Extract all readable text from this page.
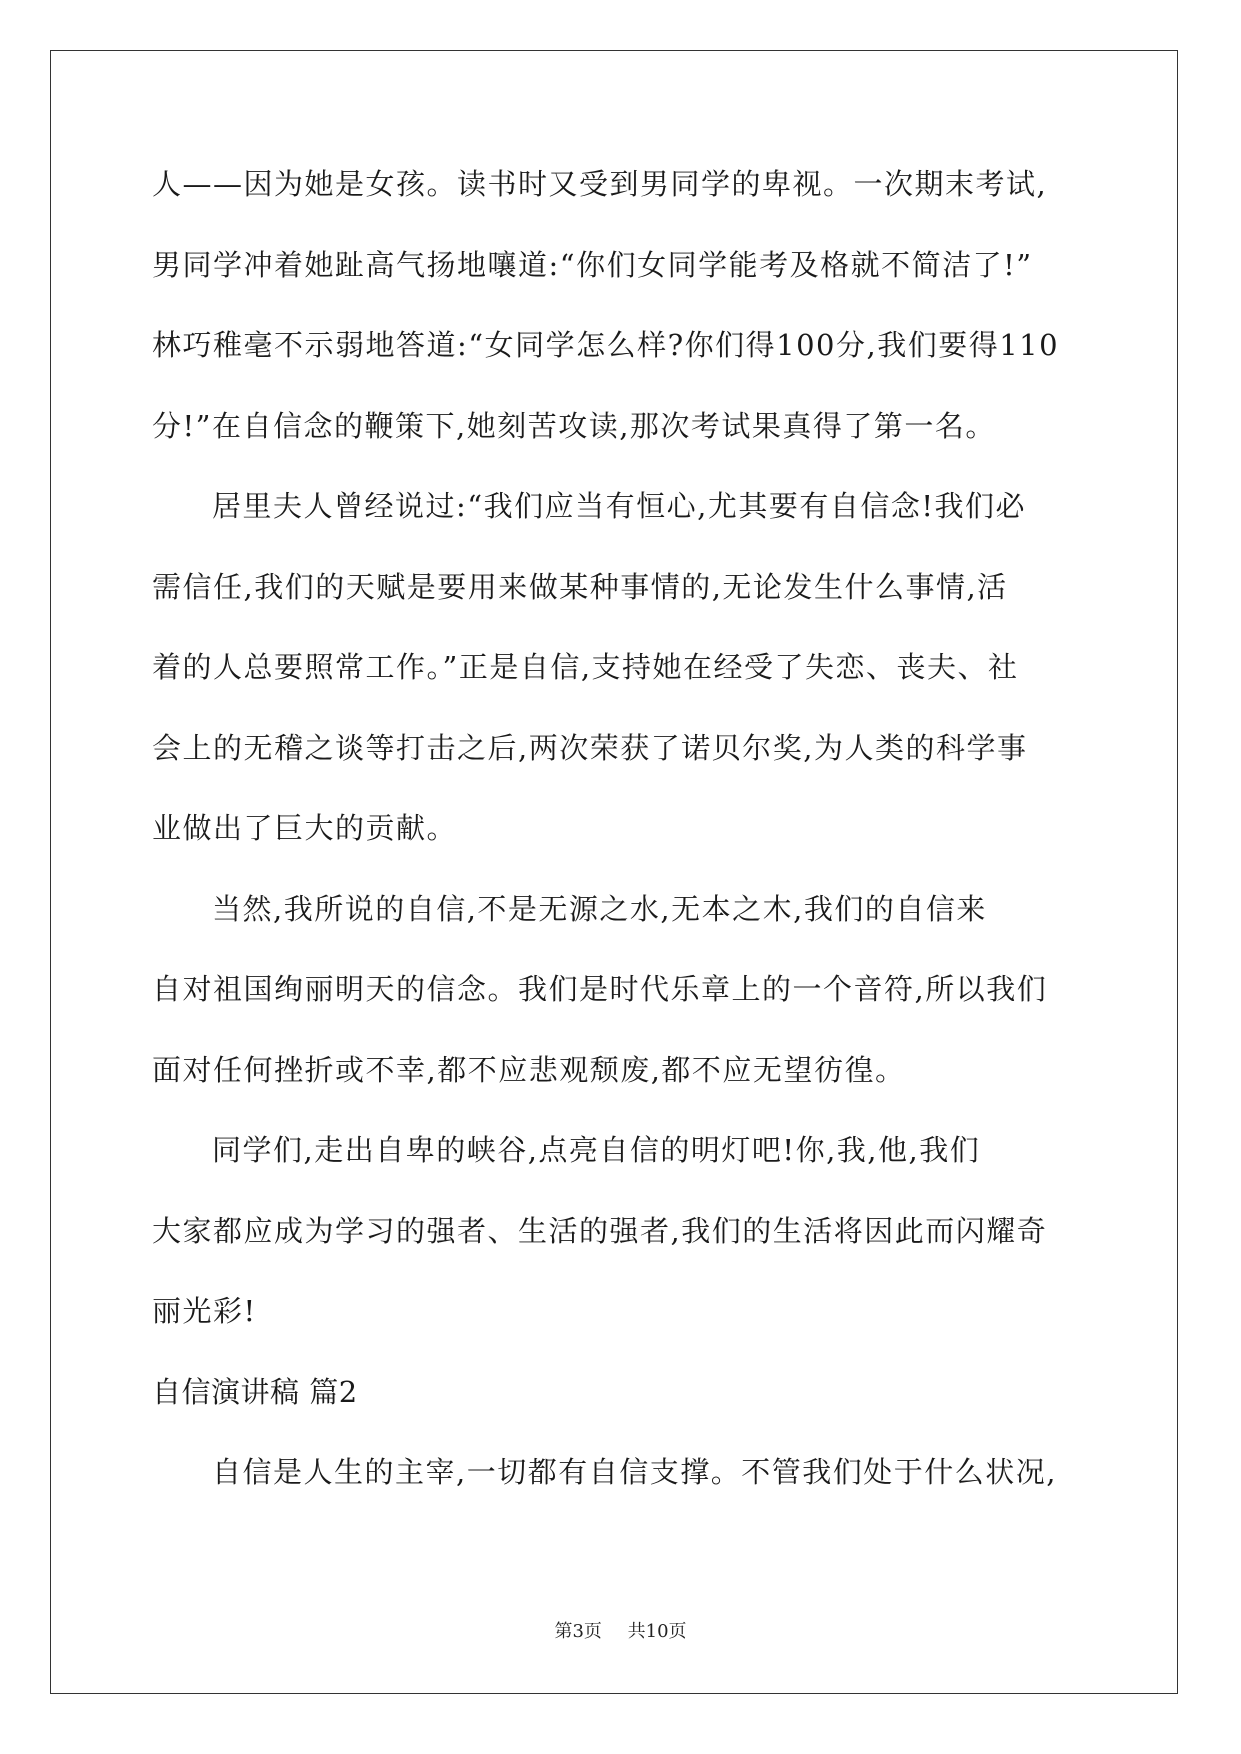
人——因为她是女孩。读书时又受到男同学的卑视。一次期末考试,
男同学冲着她趾高气扬地嚷道:“你们女同学能考及格就不简洁了!”
林巧稚毫不示弱地答道:“女同学怎么样?你们得100分,我们要得110
分!”在自信念的鞭策下,她刻苦攻读,那次考试果真得了第一名。
居里夫人曾经说过:“我们应当有恒心,尤其要有自信念!我们必
需信任,我们的天赋是要用来做某种事情的,无论发生什么事情,活
着的人总要照常工作。”正是自信,支持她在经受了失恋、丧夫、社
会上的无稽之谈等打击之后,两次荣获了诺贝尔奖,为人类的科学事
业做出了巨大的贡献。
当然,我所说的自信,不是无源之水,无本之木,我们的自信来
自对祖国绚丽明天的信念。我们是时代乐章上的一个音符,所以我们
面对任何挫折或不幸,都不应悲观颓废,都不应无望彷徨。
同学们,走出自卑的峡谷,点亮自信的明灯吧!你,我,他,我们
大家都应成为学习的强者、生活的强者,我们的生活将因此而闪耀奇
丽光彩!
自信演讲稿 篇2
自信是人生的主宰,一切都有自信支撑。不管我们处于什么状况,
第3页 共10页
